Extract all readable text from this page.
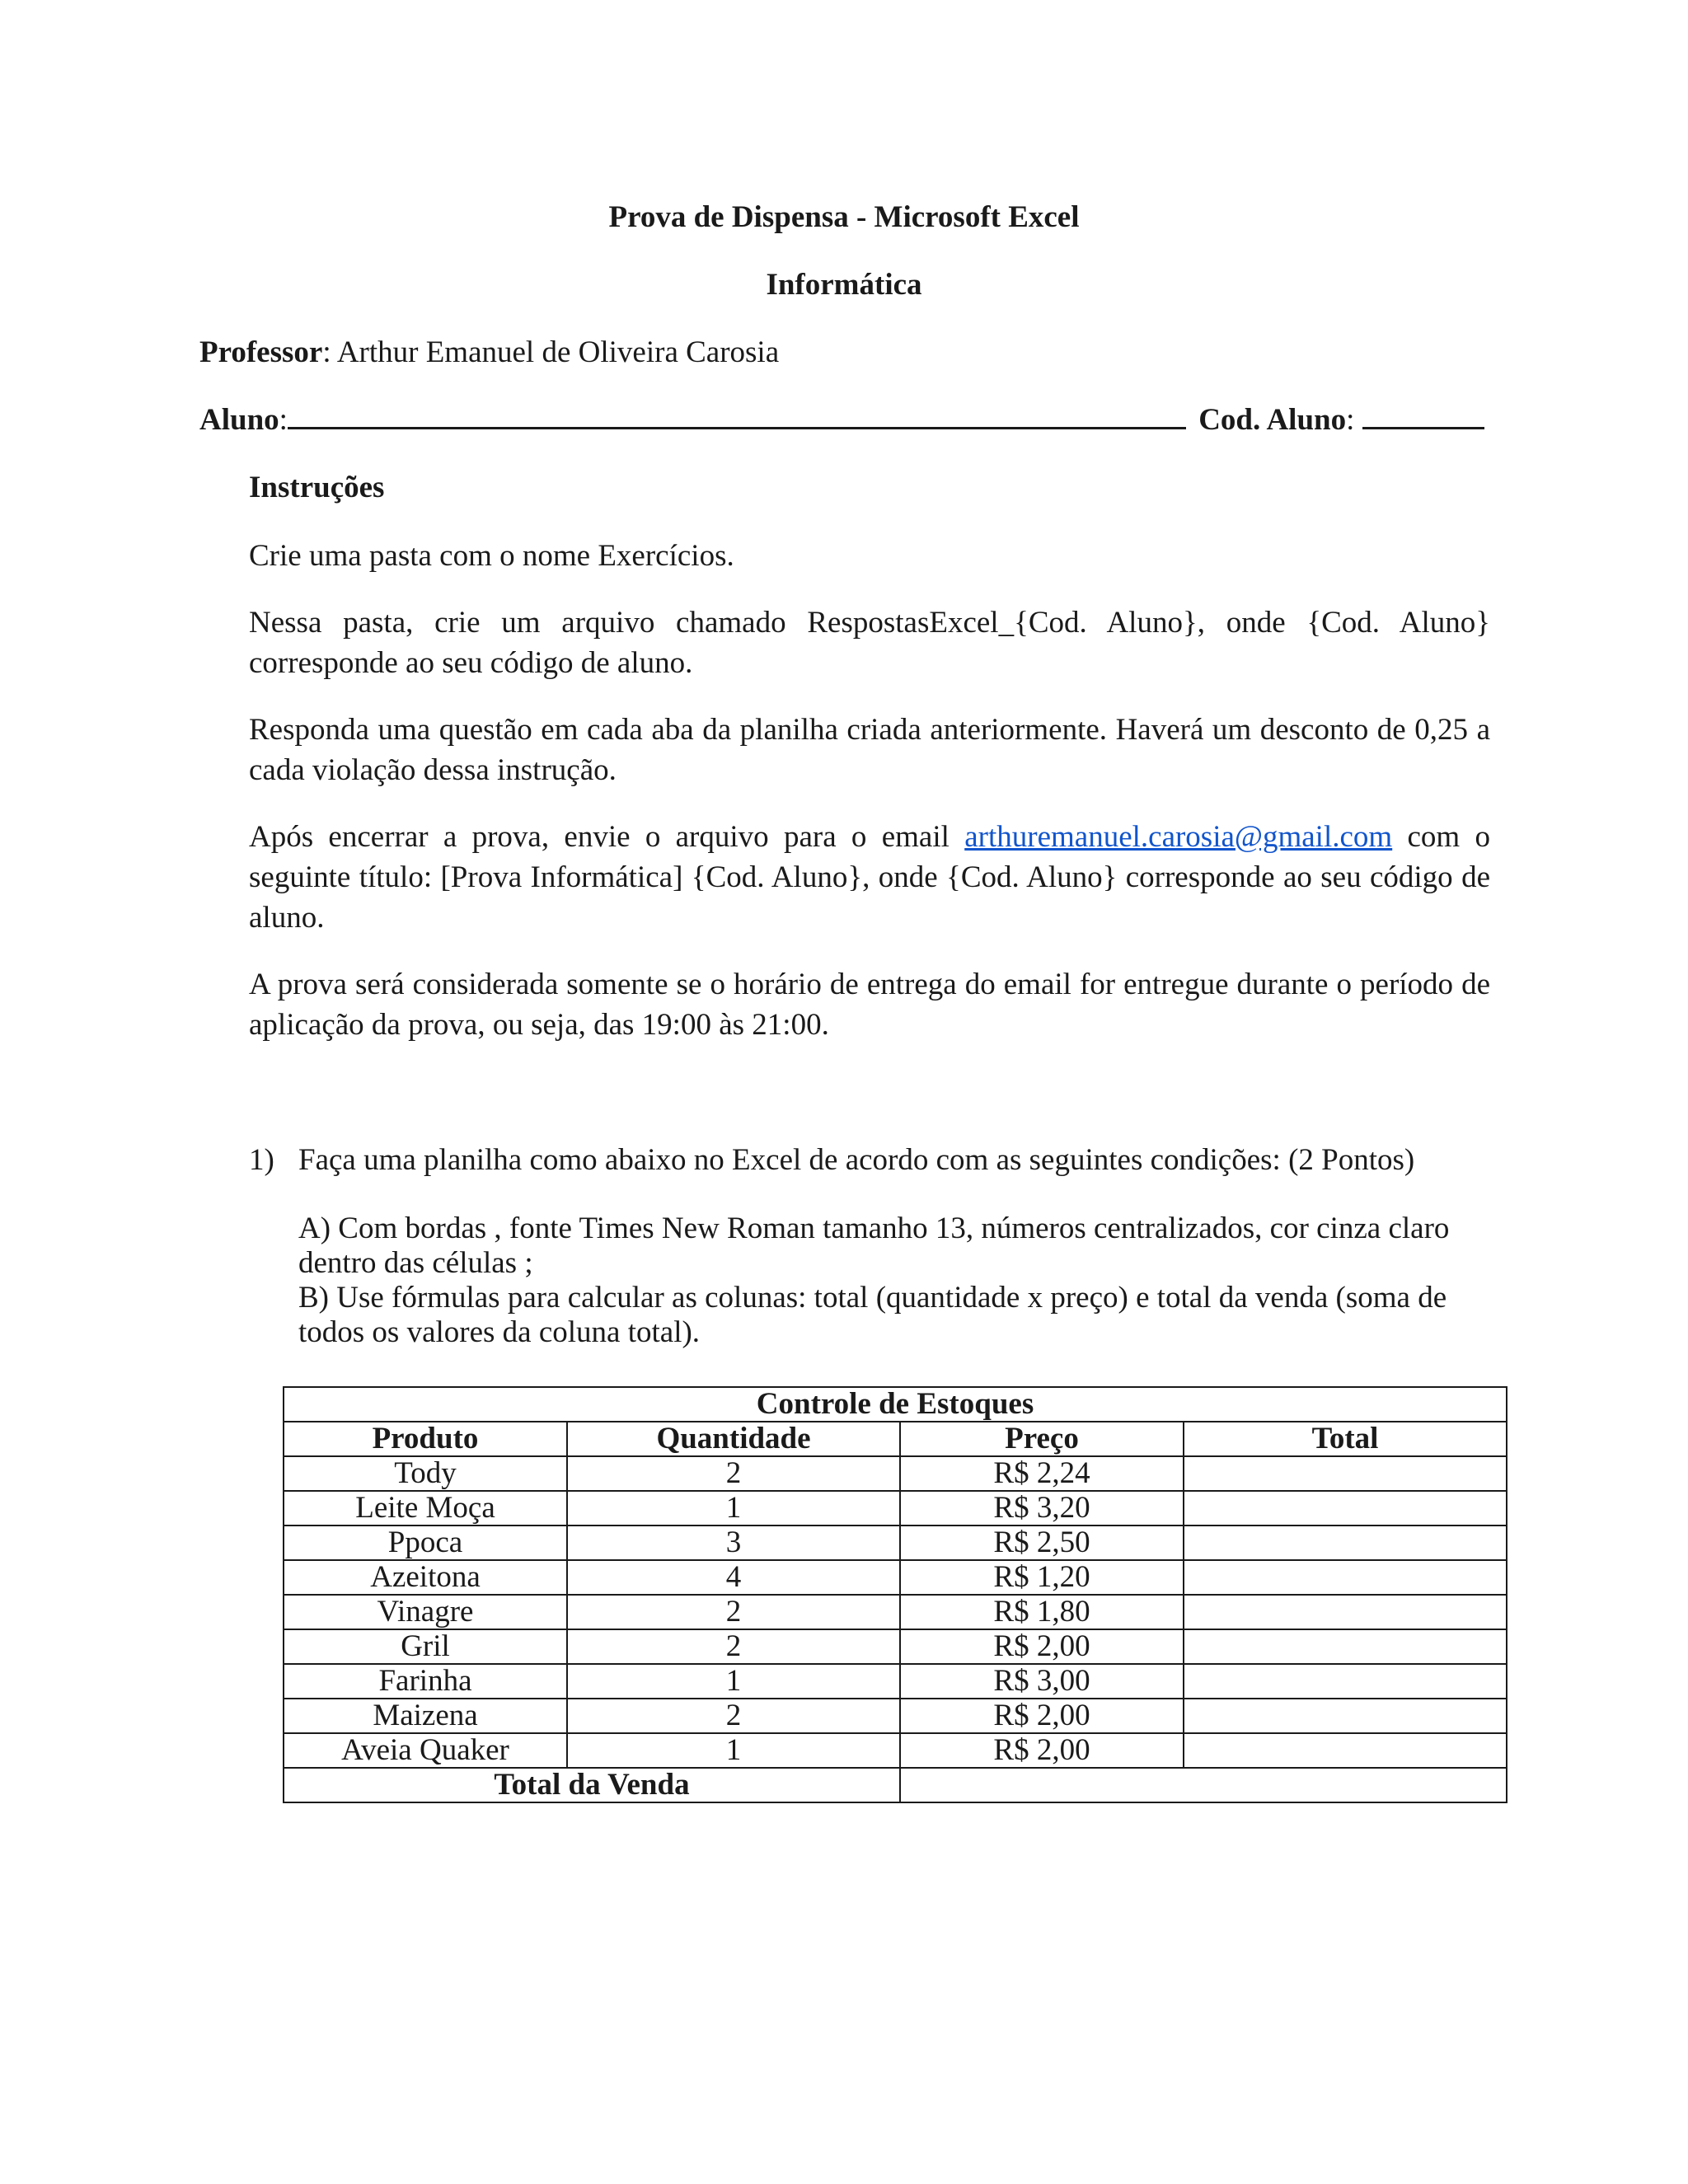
Prova de Dispensa - Microsoft Excel
Informática
Professor: Arthur Emanuel de Oliveira Carosia
Aluno:	Cod. Aluno:
Instruções

Crie uma pasta com o nome Exercícios.

Nessa pasta, crie um arquivo chamado RespostasExcel_{Cod. Aluno}, onde {Cod. Aluno} corresponde ao seu código de aluno.

Responda uma questão em cada aba da planilha criada anteriormente. Haverá um desconto de 0,25 a cada violação dessa instrução.

Após encerrar a prova, envie o arquivo para o email arthuremanuel.carosia@gmail.com com o seguinte título: [Prova Informática] {Cod. Aluno}, onde {Cod. Aluno} corresponde ao seu código de aluno.

A prova será considerada somente se o horário de entrega do email for entregue durante o período de aplicação da prova, ou seja, das 19:00 às 21:00.

1) Faça uma planilha como abaixo no Excel de acordo com as seguintes condições: (2 Pontos)
A) Com bordas , fonte Times New Roman tamanho 13, números centralizados, cor cinza claro
dentro das células ;
B) Use fórmulas para calcular as colunas: total (quantidade x preço) e total da venda (soma de
todos os valores da coluna total).
Controle de Estoques			
Produto	Quantidade	Preço	Total
Tody	2	R$ 2,24	
Leite Moça	1	R$ 3,20	
Ppoca	3	R$ 2,50	
Azeitona	4	R$ 1,20	
Vinagre	2	R$ 1,80	
Gril	2	R$ 2,00	
Farinha	1	R$ 3,00	
Maizena	2	R$ 2,00	
Aveia Quaker	1	R$ 2,00	
Total da Venda			
